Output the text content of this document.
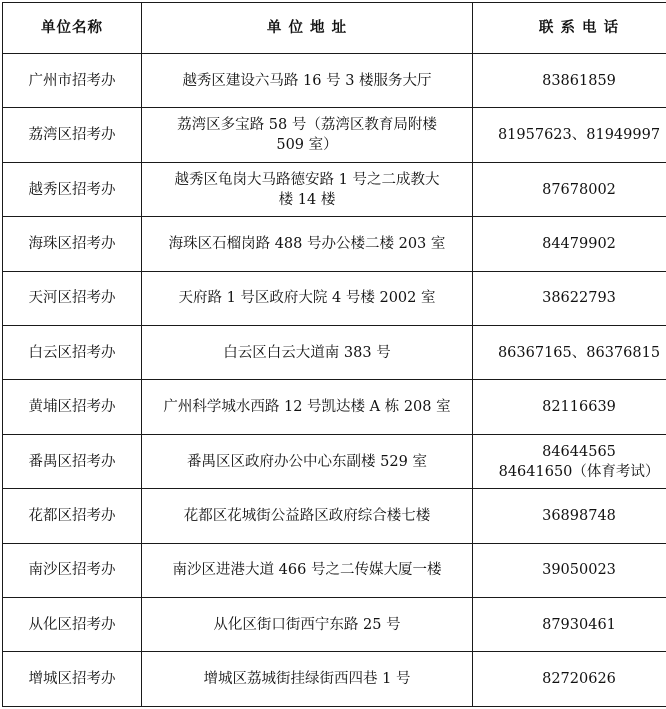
单位名称	单 位 地 址	联 系 电 话
广州市招考办	越秀区建设六马路 16 号 3 楼服务大厅	83861859

荔湾区招考办	荔湾区多宝路 58 号（荔湾区教育局附楼
509 室）	81957623、81949997

越秀区招考办	越秀区龟岗大马路德安路 1 号之二成教大
楼 14 楼	87678002

海珠区招考办	海珠区石榴岗路 488 号办公楼二楼 203 室	84479902

天河区招考办	天府路 1 号区政府大院 4 号楼 2002 室	38622793

白云区招考办	白云区白云大道南 383 号	86367165、86376815

黄埔区招考办	广州科学城水西路 12 号凯达楼 A 栋 208 室	82116639

番禺区招考办	番禺区区政府办公中心东副楼 529 室	84644565
84641650（体育考试）

花都区招考办	花都区花城街公益路区政府综合楼七楼	36898748

南沙区招考办	南沙区进港大道 466 号之二传媒大厦一楼	39050023

从化区招考办	从化区街口街西宁东路 25 号	87930461

增城区招考办	增城区荔城街挂绿街西四巷 1 号	82720626
